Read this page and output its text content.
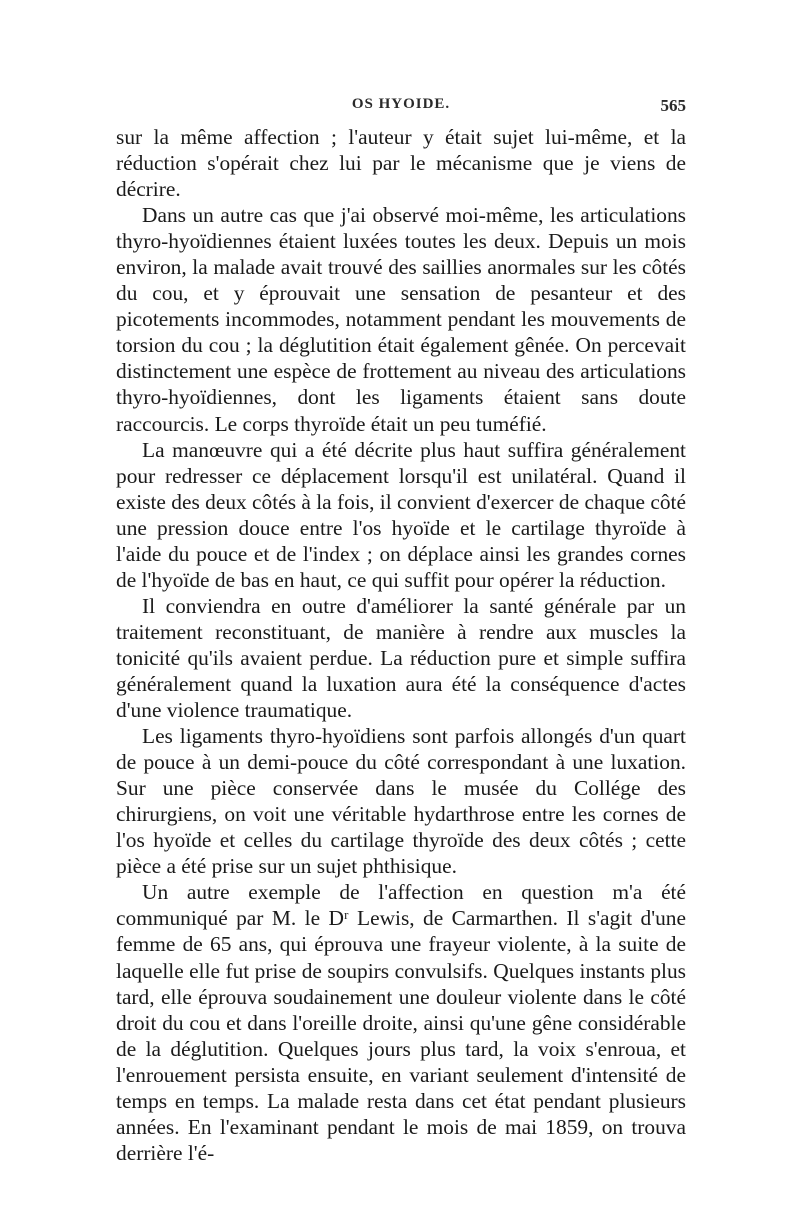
OS HYOIDE.	565

sur la même affection ; l'auteur y était sujet lui-même, et la réduction s'opérait chez lui par le mécanisme que je viens de décrire.

Dans un autre cas que j'ai observé moi-même, les articulations thyro-hyoïdiennes étaient luxées toutes les deux. Depuis un mois environ, la malade avait trouvé des saillies anormales sur les côtés du cou, et y éprouvait une sensation de pesanteur et des picotements incommodes, notamment pendant les mouvements de torsion du cou ; la déglutition était également gênée. On percevait distinctement une espèce de frottement au niveau des articulations thyro-hyoïdiennes, dont les ligaments étaient sans doute raccourcis. Le corps thyroïde était un peu tuméfié.

La manœuvre qui a été décrite plus haut suffira généralement pour redresser ce déplacement lorsqu'il est unilatéral. Quand il existe des deux côtés à la fois, il convient d'exercer de chaque côté une pression douce entre l'os hyoïde et le cartilage thyroïde à l'aide du pouce et de l'index ; on déplace ainsi les grandes cornes de l'hyoïde de bas en haut, ce qui suffit pour opérer la réduction.

Il conviendra en outre d'améliorer la santé générale par un traitement reconstituant, de manière à rendre aux muscles la tonicité qu'ils avaient perdue. La réduction pure et simple suffira généralement quand la luxation aura été la conséquence d'actes d'une violence traumatique.

Les ligaments thyro-hyoïdiens sont parfois allongés d'un quart de pouce à un demi-pouce du côté correspondant à une luxation. Sur une pièce conservée dans le musée du Collége des chirurgiens, on voit une véritable hydarthrose entre les cornes de l'os hyoïde et celles du cartilage thyroïde des deux côtés ; cette pièce a été prise sur un sujet phthisique.

Un autre exemple de l'affection en question m'a été communiqué par M. le Dʳ Lewis, de Carmarthen. Il s'agit d'une femme de 65 ans, qui éprouva une frayeur violente, à la suite de laquelle elle fut prise de soupirs convulsifs. Quelques instants plus tard, elle éprouva soudainement une douleur violente dans le côté droit du cou et dans l'oreille droite, ainsi qu'une gêne considérable de la déglutition. Quelques jours plus tard, la voix s'enroua, et l'enrouement persista ensuite, en variant seulement d'intensité de temps en temps. La malade resta dans cet état pendant plusieurs années. En l'examinant pendant le mois de mai 1859, on trouva derrière l'é-
